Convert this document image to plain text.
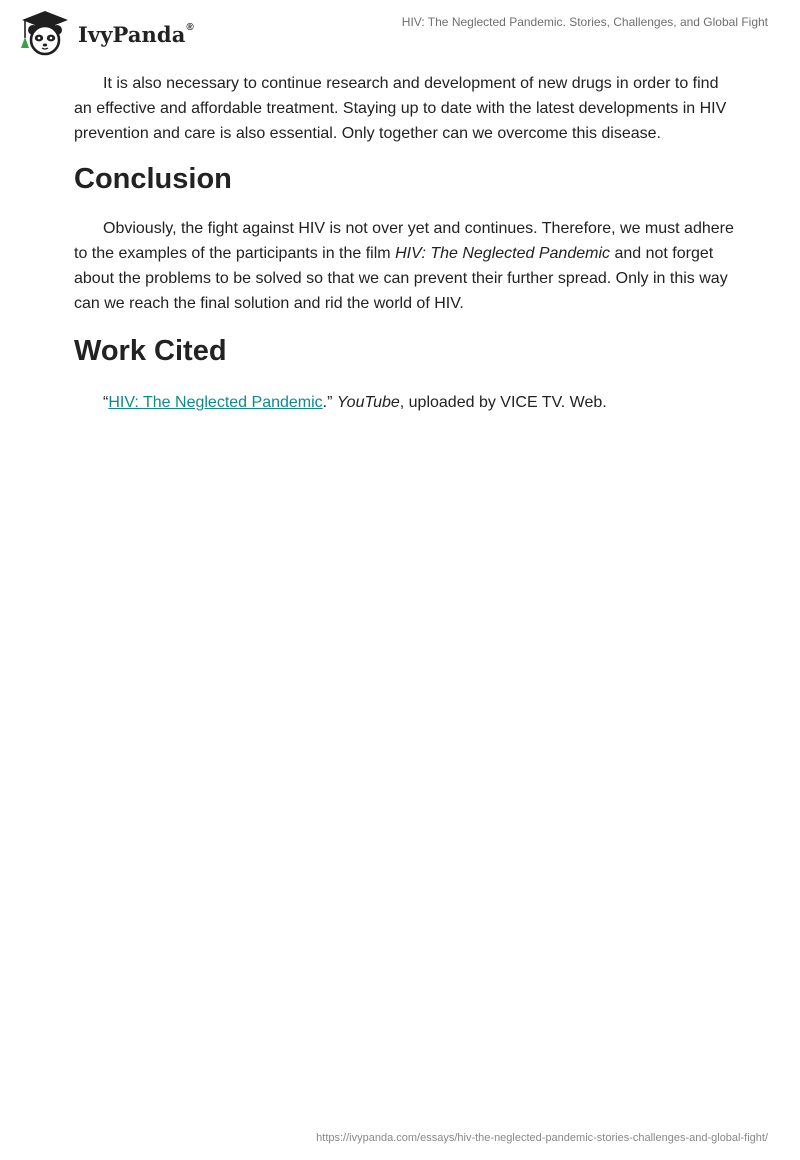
IvyPanda®	HIV: The Neglected Pandemic. Stories, Challenges, and Global Fight

It is also necessary to continue research and development of new drugs in order to find an effective and affordable treatment. Staying up to date with the latest developments in HIV prevention and care is also essential. Only together can we overcome this disease.

Conclusion

Obviously, the fight against HIV is not over yet and continues. Therefore, we must adhere to the examples of the participants in the film HIV: The Neglected Pandemic and not forget about the problems to be solved so that we can prevent their further spread. Only in this way can we reach the final solution and rid the world of HIV.

Work Cited

“HIV: The Neglected Pandemic.” YouTube, uploaded by VICE TV. Web.

https://ivypanda.com/essays/hiv-the-neglected-pandemic-stories-challenges-and-global-fight/
